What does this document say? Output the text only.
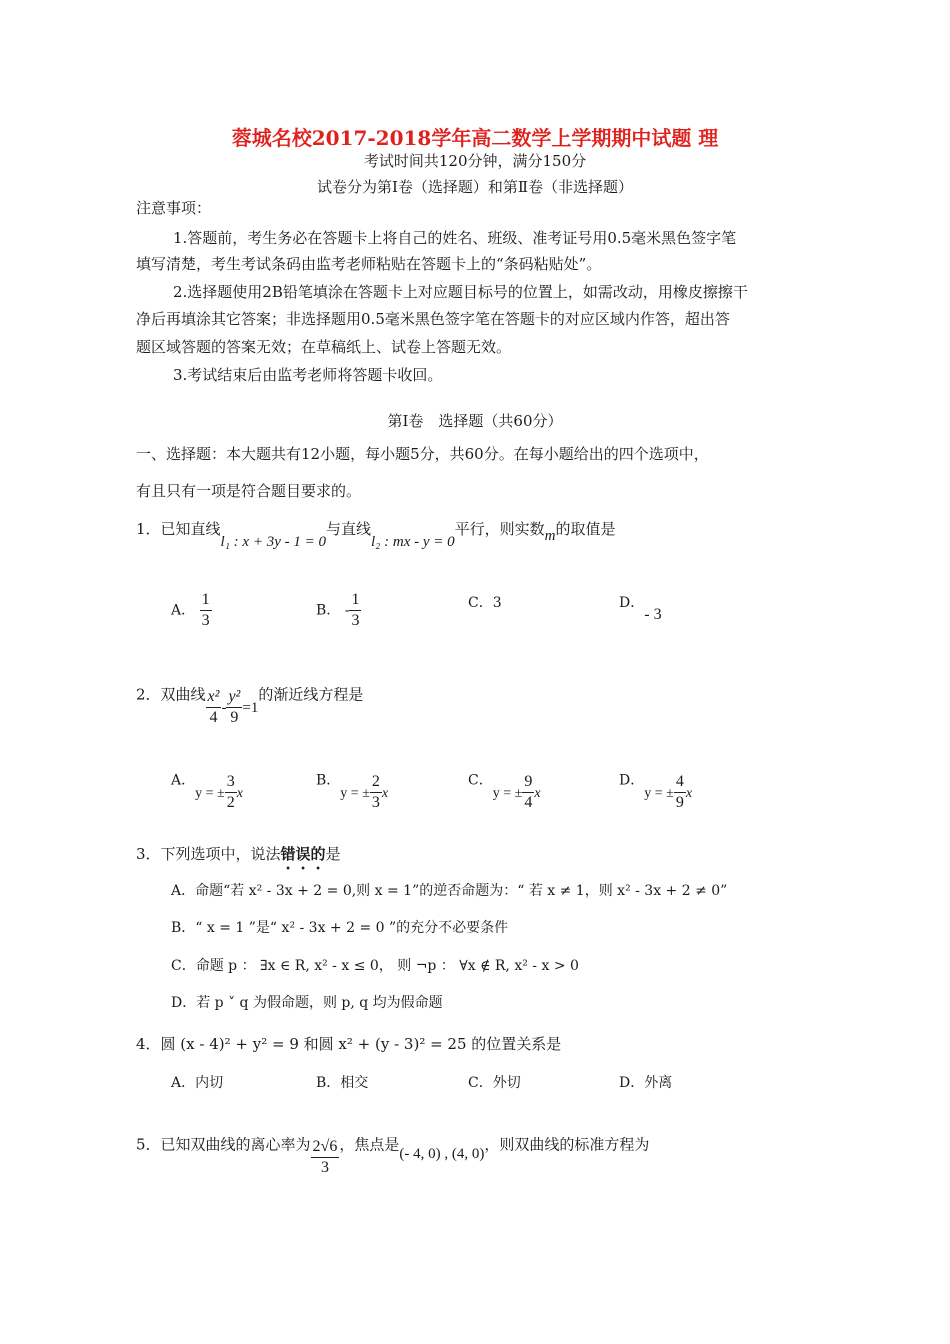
蓉城名校2017-2018学年高二数学上学期期中试题 理
考试时间共120分钟，满分150分
试卷分为第Ⅰ卷（选择题）和第Ⅱ卷（非选择题）
注意事项：
1.答题前，考生务必在答题卡上将自己的姓名、班级、准考证号用0.5毫米黑色签字笔
填写清楚，考生考试条码由监考老师粘贴在答题卡上的“条码粘贴处”。
2.选择题使用2B铅笔填涂在答题卡上对应题目标号的位置上，如需改动，用橡皮擦擦干
净后再填涂其它答案；非选择题用0.5毫米黑色签字笔在答题卡的对应区域内作答，超出答
题区域答题的答案无效；在草稿纸上、试卷上答题无效。
3.考试结束后由监考老师将答题卡收回。
第Ⅰ卷　选择题（共60分）
一、选择题：本大题共有12小题，每小题5分，共60分。在每小题给出的四个选项中，
有且只有一项是符合题目要求的。
1．已知直线l₁ : x + 3y - 1 = 0与直线l₂ : mx - y = 0平行，则实数m的取值是
A． $\frac{1}{3}$	B． - $\frac{1}{3}$	C．3	D．- 3
2．双曲线 $\frac{\text{x²}}{4} - \frac{\text{y²}}{9} =1$的渐近线方程是
A．y = ± $\frac{3}{2}$ x
B．y = ± $\frac{2}{3}$ x
C．y = ± $\frac{9}{4}$ x
D．y = ± $\frac{4}{9}$ x
3．下列选项中，说法错误的是
A．命题“若 x² - 3x + 2 = 0,则 x = 1”的逆否命题为：“ 若 x ≠ 1，则 x² - 3x + 2 ≠ 0”
B．“ x = 1 ”是“ x² - 3x + 2 = 0 ”的充分不必要条件
C．命题 p ： ∃x ∈ R, x² - x ≤ 0， 则 ¬p ： ∀x ∉ R, x² - x > 0
D．若 p ˅ q 为假命题，则 p, q 均为假命题
4．圆 (x - 4)² + y² = 9 和圆 x² + (y - 3)² = 25 的位置关系是
A．内切	B．相交	C．外切	D．外离
5．已知双曲线的离心率为 $\frac{2√6}{3}$ ，焦点是(- 4, 0) , (4, 0)，则双曲线的标准方程为
